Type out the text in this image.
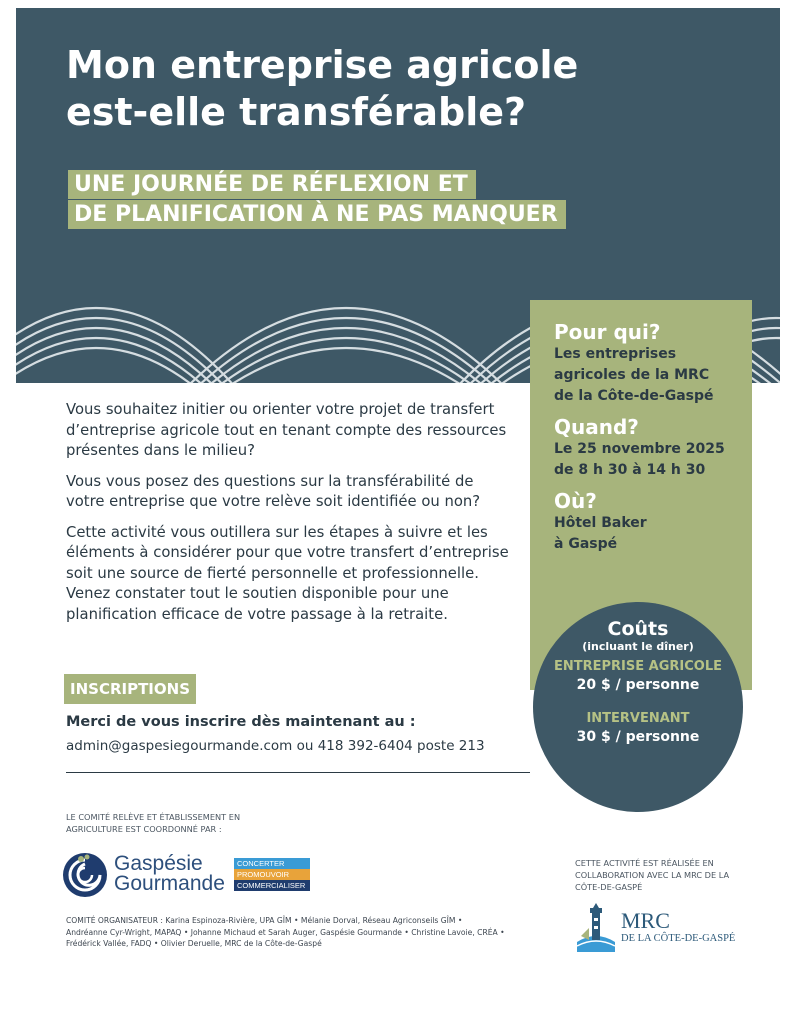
Mon entreprise agricole
est-elle transférable?
UNE JOURNÉE DE RÉFLEXION ET
DE PLANIFICATION À NE PAS MANQUER
Pour qui?

Les entreprises

agricoles de la MRC

de la Côte-de-Gaspé

Quand?

Le 25 novembre 2025

de 8 h 30 à 14 h 30

Où?

Hôtel Baker

à Gaspé

Coûts
(incluant le dîner)
ENTREPRISE AGRICOLE
20 $ / personne
INTERVENANT
30 $ / personne

Vous souhaitez initier ou orienter votre projet de transfert d’entreprise agricole tout en tenant compte des ressources présentes dans le milieu?

Vous vous posez des questions sur la transférabilité de votre entreprise que votre relève soit identifiée ou non?

Cette activité vous outillera sur les étapes à suivre et les éléments à considérer pour que votre transfert d’entreprise soit une source de fierté personnelle et professionnelle. Venez constater tout le soutien disponible pour une planification efficace de votre passage à la retraite.

INSCRIPTIONS
Merci de vous inscrire dès maintenant au :
admin@gaspesiegourmande.com ou 418 392-6404 poste 213
LE COMITÉ RELÈVE ET ÉTABLISSEMENT EN AGRICULTURE EST COORDONNÉ PAR :
Gaspésie
Gourmande
CONCERTER
PROMOUVOIR
COMMERCIALISER
COMITÉ ORGANISATEUR : Karina Espinoza-Rivière, UPA GÎM • Mélanie Dorval, Réseau Agriconseils GÎM • Andréanne Cyr-Wright, MAPAQ • Johanne Michaud et Sarah Auger, Gaspésie Gourmande • Christine Lavoie, CRÉA • Frédérick Vallée, FADQ • Olivier Deruelle, MRC de la Côte-de-Gaspé
CETTE ACTIVITÉ EST RÉALISÉE EN COLLABORATION AVEC LA MRC DE LA CÔTE-DE-GASPÉ
MRC
DE LA CÔTE-DE-GASPÉ
